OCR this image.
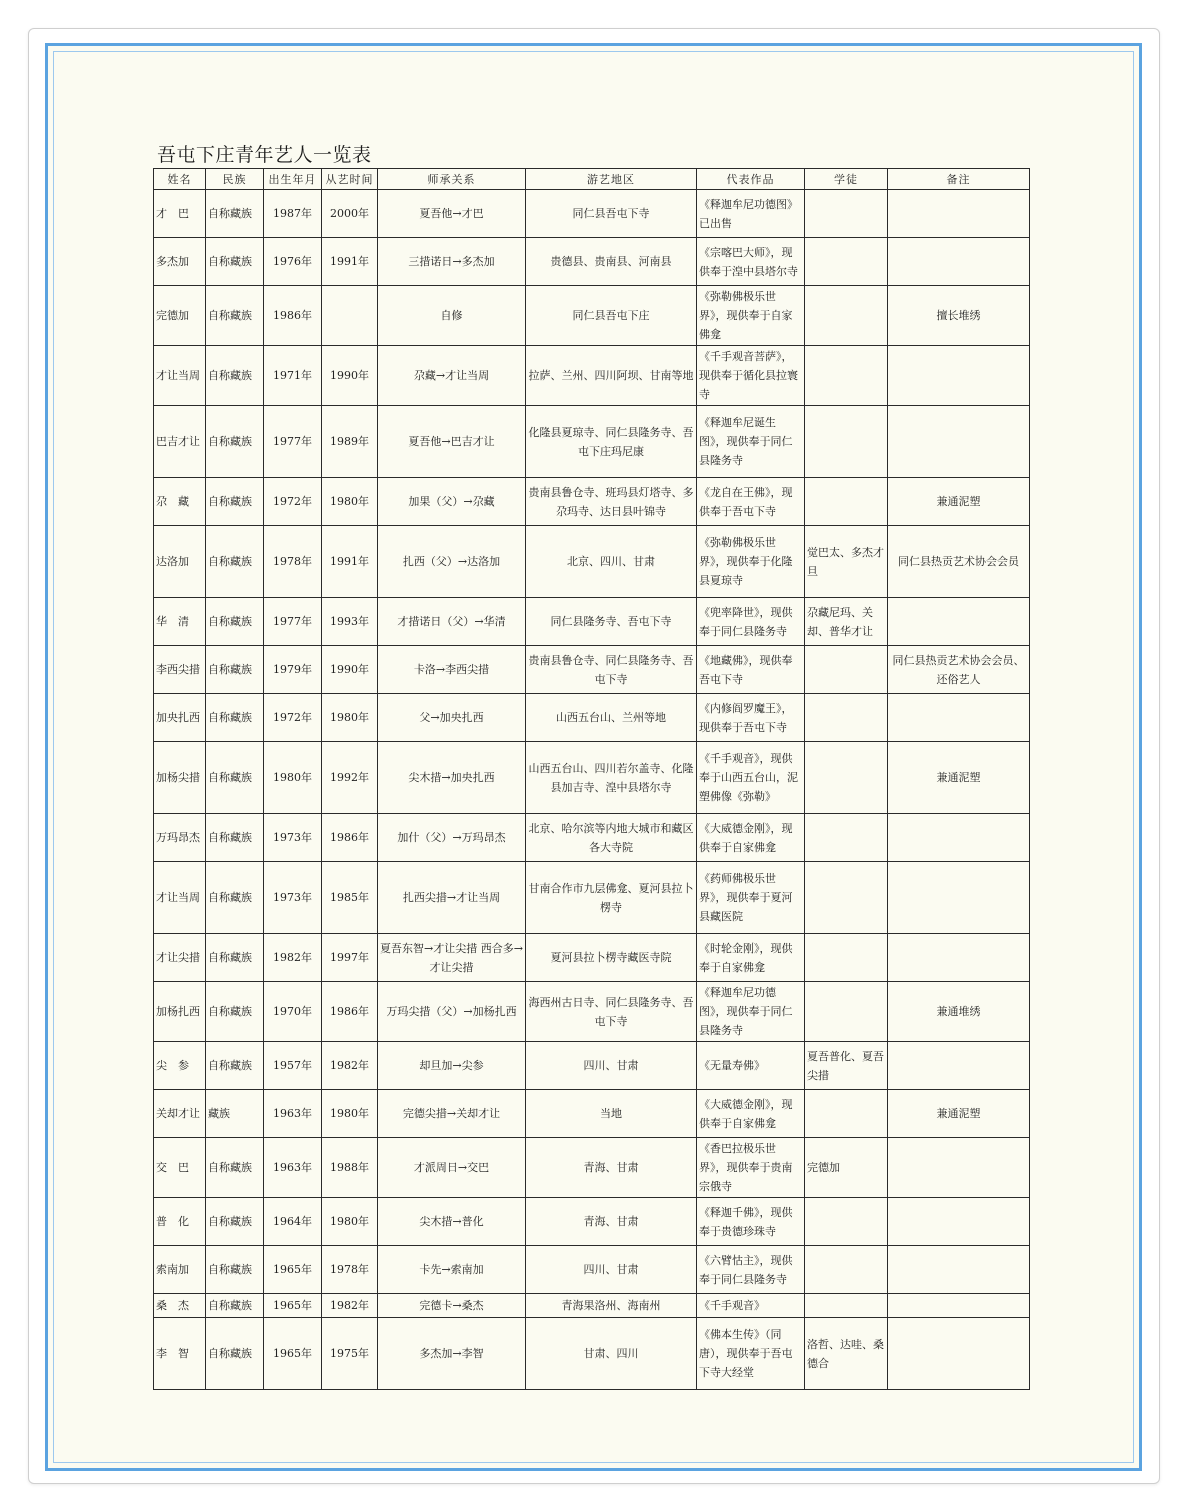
吾屯下庄青年艺人一览表
姓名	民族	出生年月	从艺时间	师承关系	游艺地区	代表作品	学徒	备注
才　巴	自称藏族	1987年	2000年	夏吾他→才巴	同仁县吾屯下寺	《释迦牟尼功德图》已出售		
多杰加	自称藏族	1976年	1991年	三措诺日→多杰加	贵德县、贵南县、河南县	《宗喀巴大师》，现供奉于湟中县塔尔寺		
完德加	自称藏族	1986年		自修	同仁县吾屯下庄	《弥勒佛极乐世界》，现供奉于自家佛龛		擅长堆绣
才让当周	自称藏族	1971年	1990年	尕藏→才让当周	拉萨、兰州、四川阿坝、甘南等地	《千手观音菩萨》，现供奉于循化县拉寰寺		
巴吉才让	自称藏族	1977年	1989年	夏吾他→巴吉才让	化隆县夏琼寺、同仁县隆务寺、吾屯下庄玛尼康	《释迦牟尼诞生图》，现供奉于同仁县隆务寺		
尕　藏	自称藏族	1972年	1980年	加果（父）→尕藏	贵南县鲁仓寺、班玛县灯塔寺、多尕玛寺、达日县叶锦寺	《龙自在王佛》，现供奉于吾屯下寺		兼通泥塑
达洛加	自称藏族	1978年	1991年	扎西（父）→达洛加	北京、四川、甘肃	《弥勒佛极乐世界》，现供奉于化隆县夏琼寺	觉巴太、多杰才旦	同仁县热贡艺术协会会员
华　清	自称藏族	1977年	1993年	才措诺日（父）→华清	同仁县隆务寺、吾屯下寺	《兜率降世》，现供奉于同仁县隆务寺	尕藏尼玛、关却、普华才让	
李西尖措	自称藏族	1979年	1990年	卡洛→李西尖措	贵南县鲁仓寺、同仁县隆务寺、吾屯下寺	《地藏佛》，现供奉吾屯下寺		同仁县热贡艺术协会会员、还俗艺人
加央扎西	自称藏族	1972年	1980年	父→加央扎西	山西五台山、兰州等地	《内修阎罗魔王》，现供奉于吾屯下寺		
加杨尖措	自称藏族	1980年	1992年	尖木措→加央扎西	山西五台山、四川若尔盖寺、化隆县加吉寺、湟中县塔尔寺	《千手观音》，现供奉于山西五台山，泥塑佛像《弥勒》		兼通泥塑
万玛昂杰	自称藏族	1973年	1986年	加什（父）→万玛昂杰	北京、哈尔滨等内地大城市和藏区各大寺院	《大威德金刚》，现供奉于自家佛龛		
才让当周	自称藏族	1973年	1985年	扎西尖措→才让当周	甘南合作市九层佛龛、夏河县拉卜楞寺	《药师佛极乐世界》，现供奉于夏河县藏医院		
才让尖措	自称藏族	1982年	1997年	夏吾东智→才让尖措 西合多→才让尖措	夏河县拉卜楞寺藏医寺院	《时轮金刚》，现供奉于自家佛龛		
加杨扎西	自称藏族	1970年	1986年	万玛尖措（父）→加杨扎西	海西州古日寺、同仁县隆务寺、吾屯下寺	《释迦牟尼功德图》，现供奉于同仁县隆务寺		兼通堆绣
尖　参	自称藏族	1957年	1982年	却旦加→尖参	四川、甘肃	《无量寿佛》	夏吾普化、夏吾尖措	
关却才让	藏族	1963年	1980年	完德尖措→关却才让	当地	《大威德金刚》，现供奉于自家佛龛		兼通泥塑
交　巴	自称藏族	1963年	1988年	才派周日→交巴	青海、甘肃	《香巴拉极乐世界》，现供奉于贵南宗俄寺	完德加	
普　化	自称藏族	1964年	1980年	尖木措→普化	青海、甘肃	《释迦千佛》，现供奉于贵德珍珠寺		
索南加	自称藏族	1965年	1978年	卡先→索南加	四川、甘肃	《六臂怙主》，现供奉于同仁县隆务寺		
桑　杰	自称藏族	1965年	1982年	完德卡→桑杰	青海果洛州、海南州	《千手观音》		
李　智	自称藏族	1965年	1975年	多杰加→李智	甘肃、四川	《佛本生传》（同唐），现供奉于吾屯下寺大经堂	洛哲、达哇、桑德合	
